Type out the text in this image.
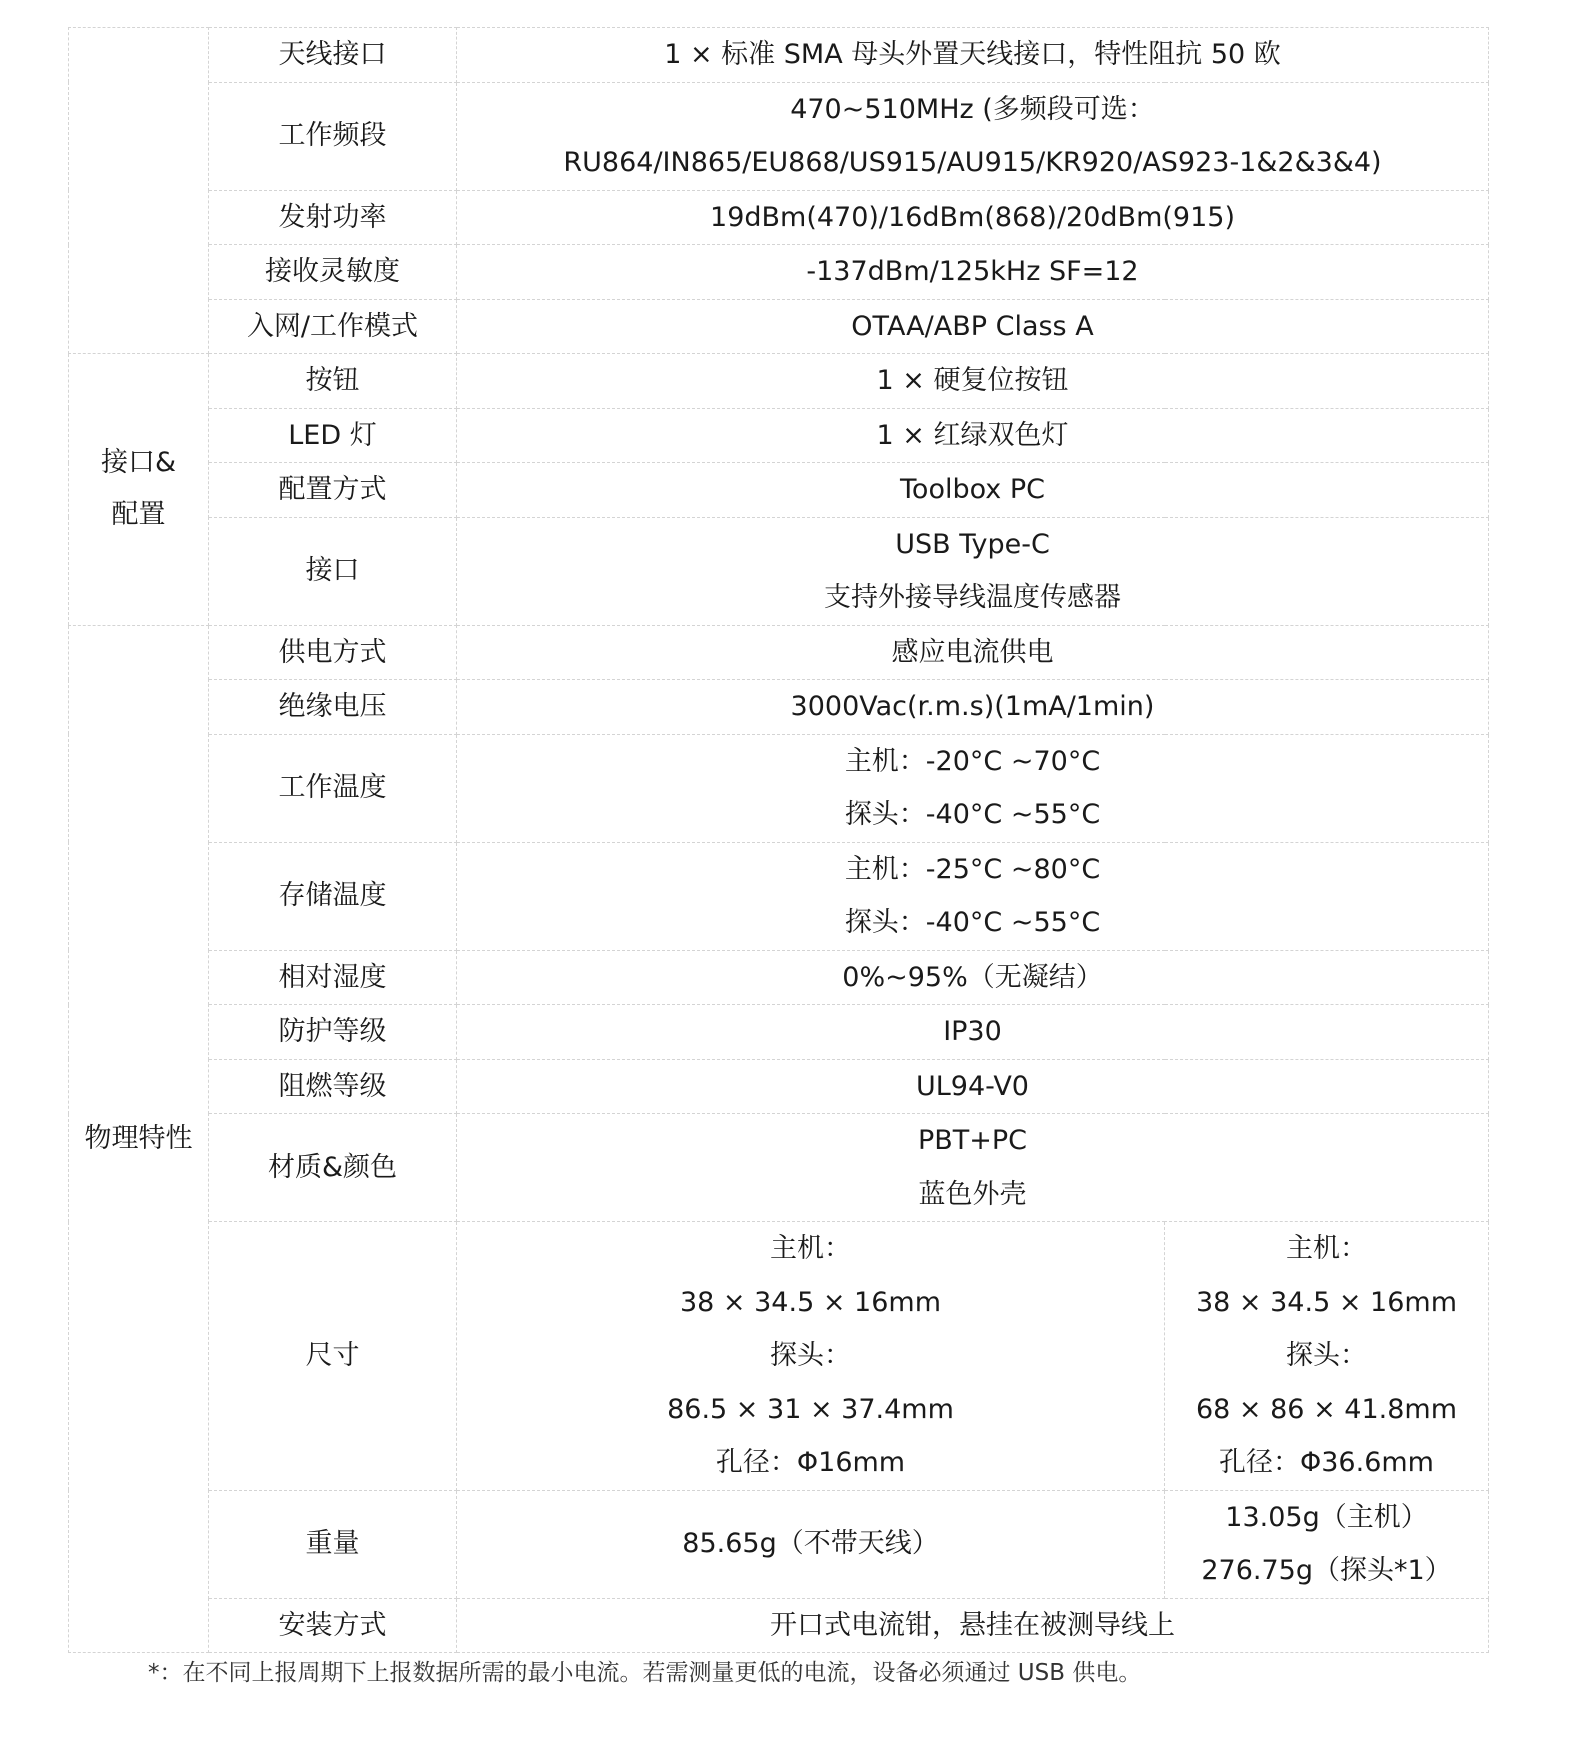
	天线接口	1 × 标准 SMA 母头外置天线接口，特性阻抗 50 欧	
	工作频段	470~510MHz (多频段可选：
RU864/IN865/EU868/US915/AU915/KR920/AS923-1&2&3&4)	

	发射功率	19dBm(470)/16dBm(868)/20dBm(915)	
	接收灵敏度	-137dBm/125kHz SF=12	
	入网/工作模式	OTAA/ABP Class A	

接口&
配置	按钮	1 × 硬复位按钮	
	LED 灯	1 × 红绿双色灯	
	配置方式	Toolbox PC	
	接口	USB Type-C
支持外接导线温度传感器	

物理特性	供电方式	感应电流供电	
	绝缘电压	3000Vac(r.m.s)(1mA/1min)	
	工作温度	主机：-20°C ~70°C
探头：-40°C ~55°C	

	存储温度	主机：-25°C ~80°C
探头：-40°C ~55°C	

	相对湿度	0%~95%（无凝结）	
	防护等级	IP30	
	阻燃等级	UL94-V0	
	材质&颜色	PBT+PC
蓝色外壳	

	尺寸	主机：
38 × 34.5 × 16mm
探头：
86.5 × 31 × 37.4mm
孔径：Φ16mm	主机：
38 × 34.5 × 16mm
探头：
68 × 86 × 41.8mm
孔径：Φ36.6mm

	重量	85.65g（不带天线）	13.05g（主机）
276.75g（探头*1）

	安装方式	开口式电流钳，悬挂在被测导线上	
*：在不同上报周期下上报数据所需的最小电流。若需测量更低的电流，设备必须通过 USB 供电。
